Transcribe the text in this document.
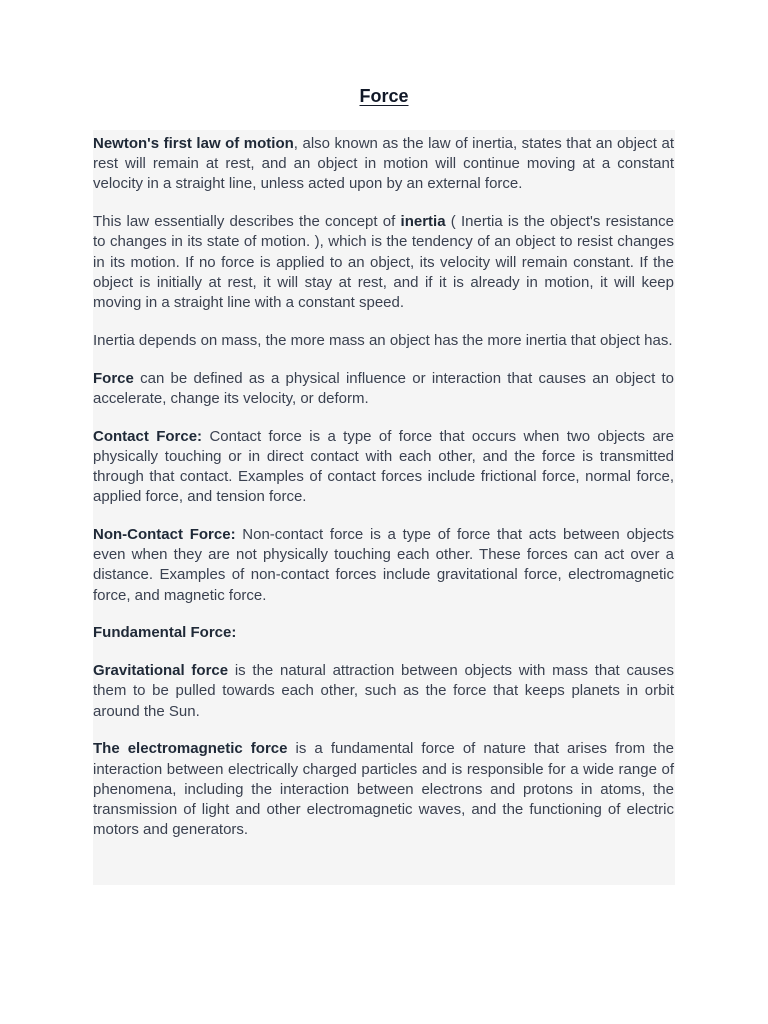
Force

Newton's first law of motion, also known as the law of inertia, states that an object at rest will remain at rest, and an object in motion will continue moving at a constant velocity in a straight line, unless acted upon by an external force.

This law essentially describes the concept of inertia ( Inertia is the object's resistance to changes in its state of motion. ), which is the tendency of an object to resist changes in its motion. If no force is applied to an object, its velocity will remain constant. If the object is initially at rest, it will stay at rest, and if it is already in motion, it will keep moving in a straight line with a constant speed.

Inertia depends on mass, the more mass an object has the more inertia that object has.

Force can be defined as a physical influence or interaction that causes an object to accelerate, change its velocity, or deform.

Contact Force: Contact force is a type of force that occurs when two objects are physically touching or in direct contact with each other, and the force is transmitted through that contact. Examples of contact forces include frictional force, normal force, applied force, and tension force.

Non-Contact Force: Non-contact force is a type of force that acts between objects even when they are not physically touching each other. These forces can act over a distance. Examples of non-contact forces include gravitational force, electromagnetic force, and magnetic force.

Fundamental Force:

Gravitational force is the natural attraction between objects with mass that causes them to be pulled towards each other, such as the force that keeps planets in orbit around the Sun.

The electromagnetic force is a fundamental force of nature that arises from the interaction between electrically charged particles and is responsible for a wide range of phenomena, including the interaction between electrons and protons in atoms, the transmission of light and other electromagnetic waves, and the functioning of electric motors and generators.
